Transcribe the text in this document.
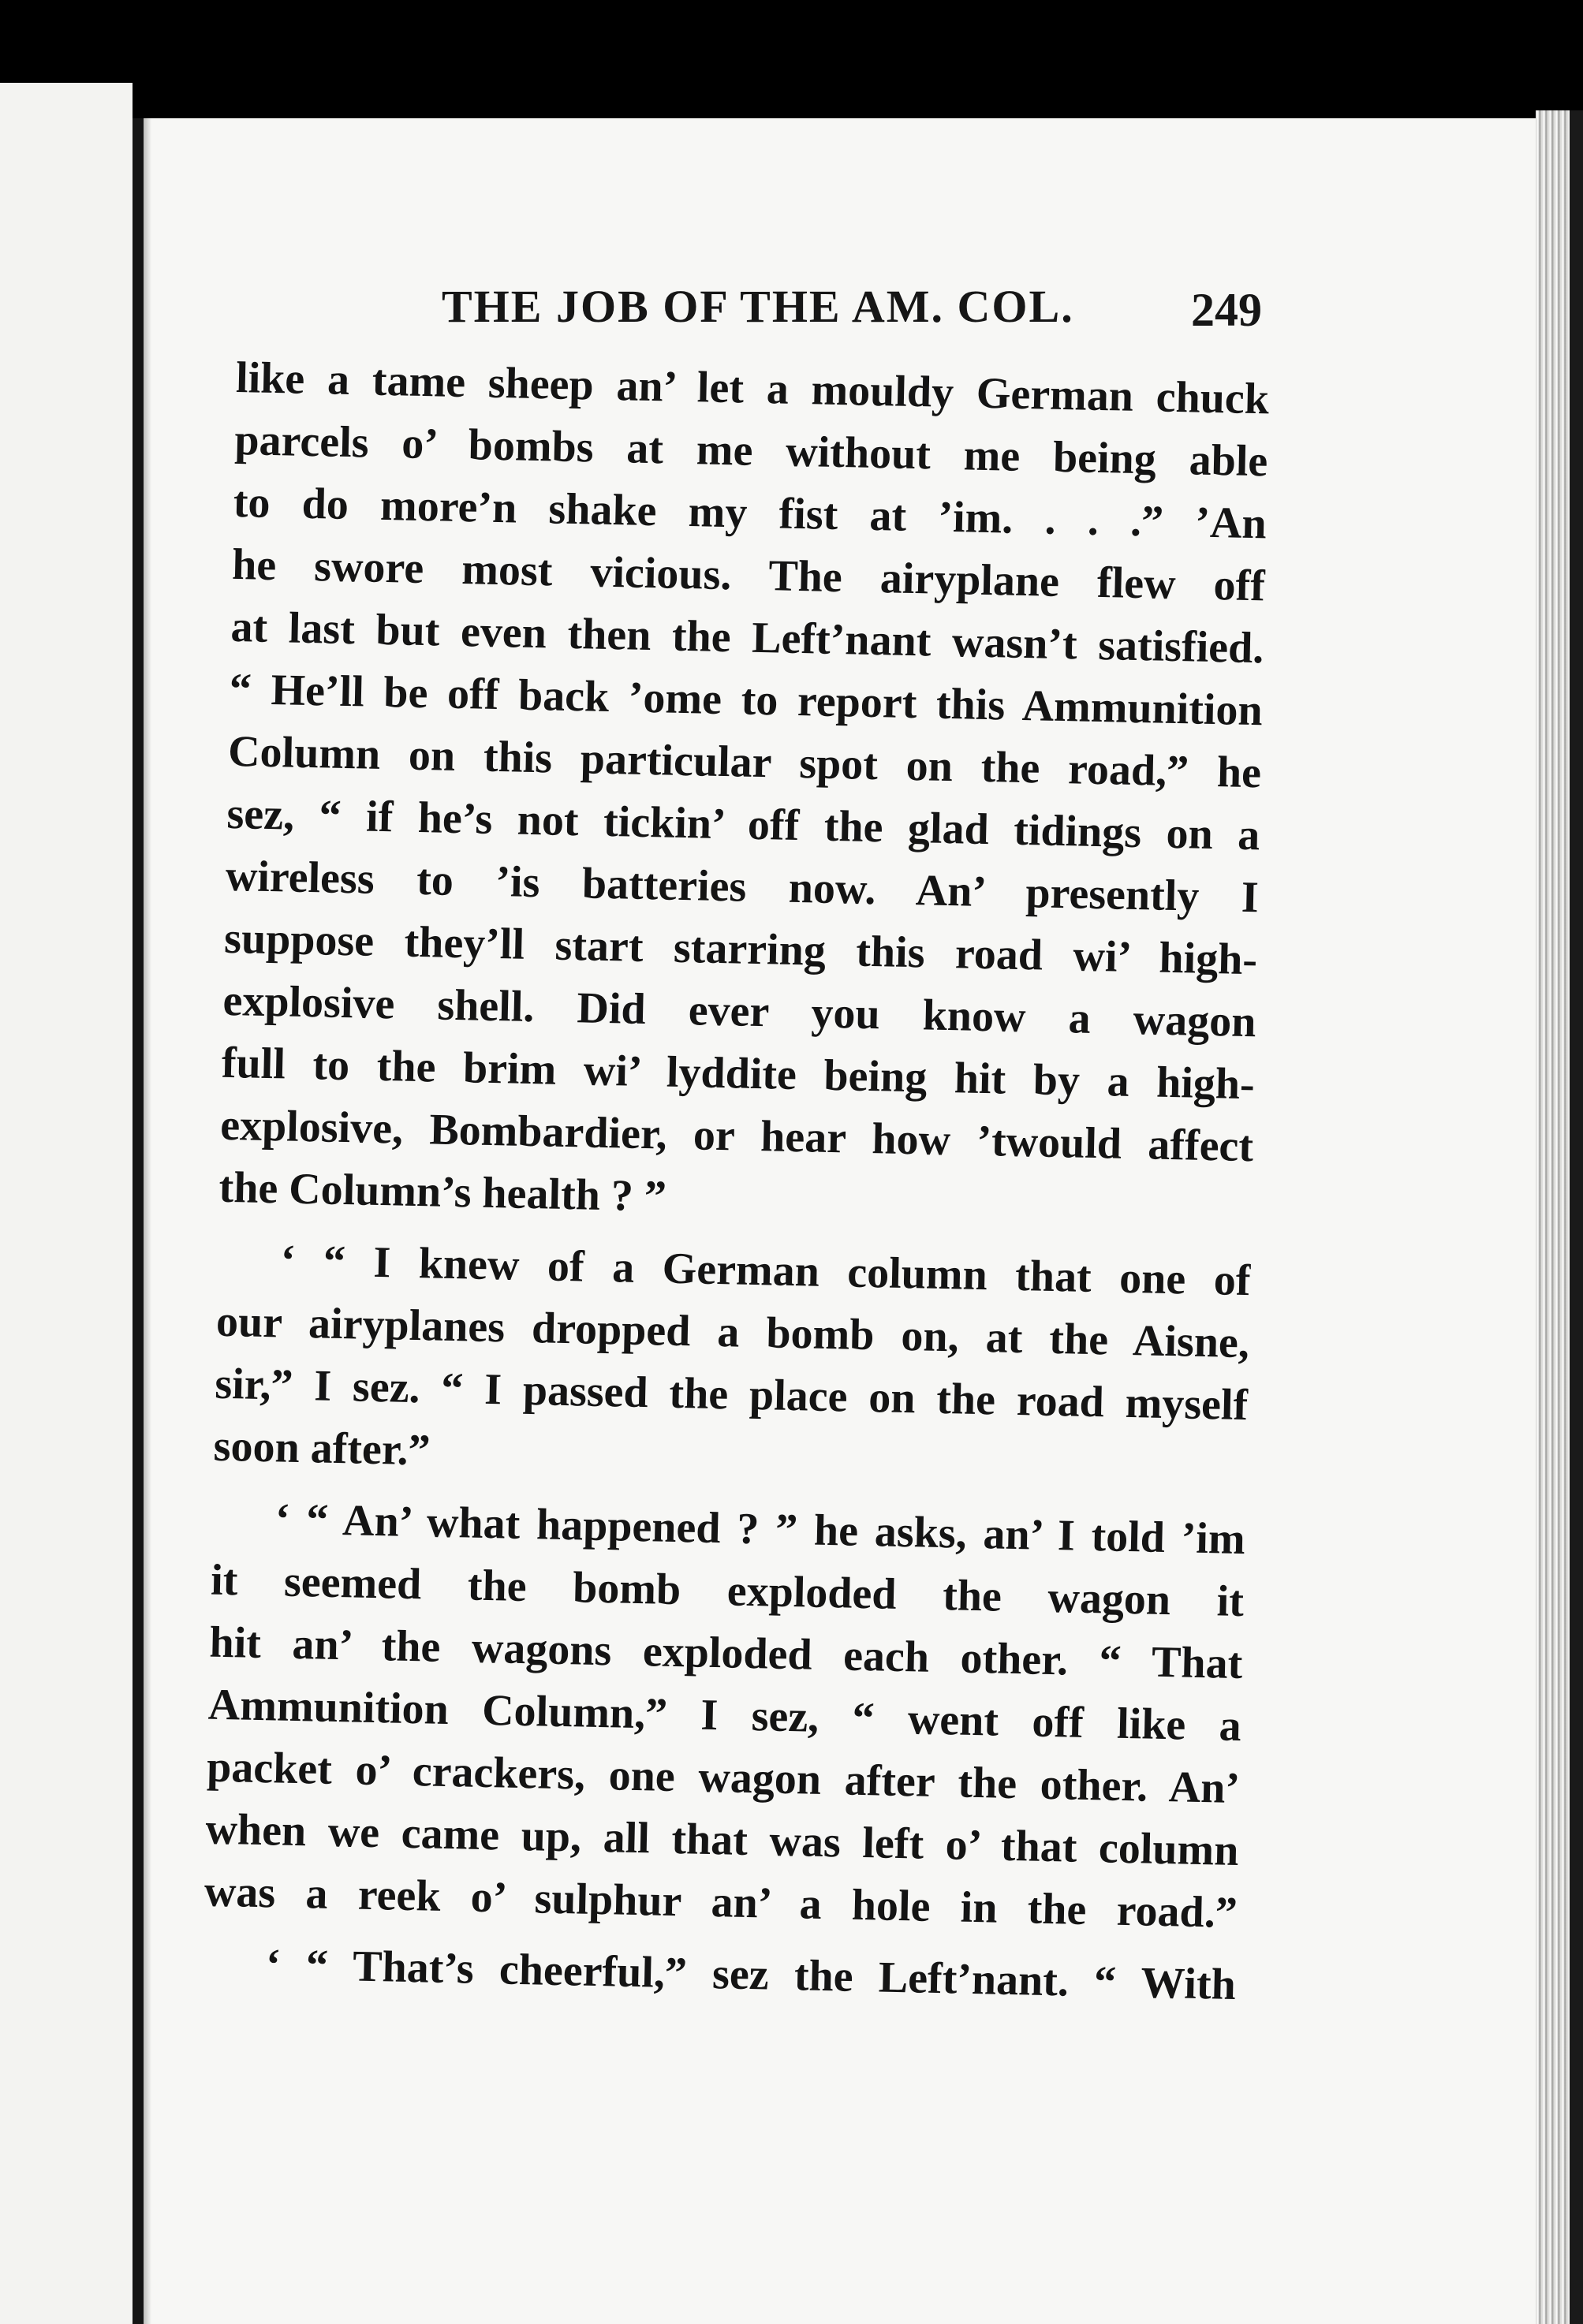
THE JOB OF THE AM. COL. 249
like a tame sheep an’ let a mouldy German chuck
parcels o’ bombs at me without me being able
to do more’n shake my fist at ’im. . . .” ’An
he swore most vicious. The airyplane flew off
at last but even then the Left’nant wasn’t satisfied.
“ He’ll be off back ’ome to report this Ammunition
Column on this particular spot on the road,” he
sez, “ if he’s not tickin’ off the glad tidings on a
wireless to ’is batteries now. An’ presently I
suppose they’ll start starring this road wi’ high-
explosive shell. Did ever you know a wagon
full to the brim wi’ lyddite being hit by a high-
explosive, Bombardier, or hear how ’twould affect
the Column’s health ? ”
‘ “ I knew of a German column that one of
our airyplanes dropped a bomb on, at the Aisne,
sir,” I sez. “ I passed the place on the road myself
soon after.”
‘ “ An’ what happened ? ” he asks, an’ I told ’im
it seemed the bomb exploded the wagon it
hit an’ the wagons exploded each other. “ That
Ammunition Column,” I sez, “ went off like a
packet o’ crackers, one wagon after the other. An’
when we came up, all that was left o’ that column
was a reek o’ sulphur an’ a hole in the road.”
‘ “ That’s cheerful,” sez the Left’nant. “ With
